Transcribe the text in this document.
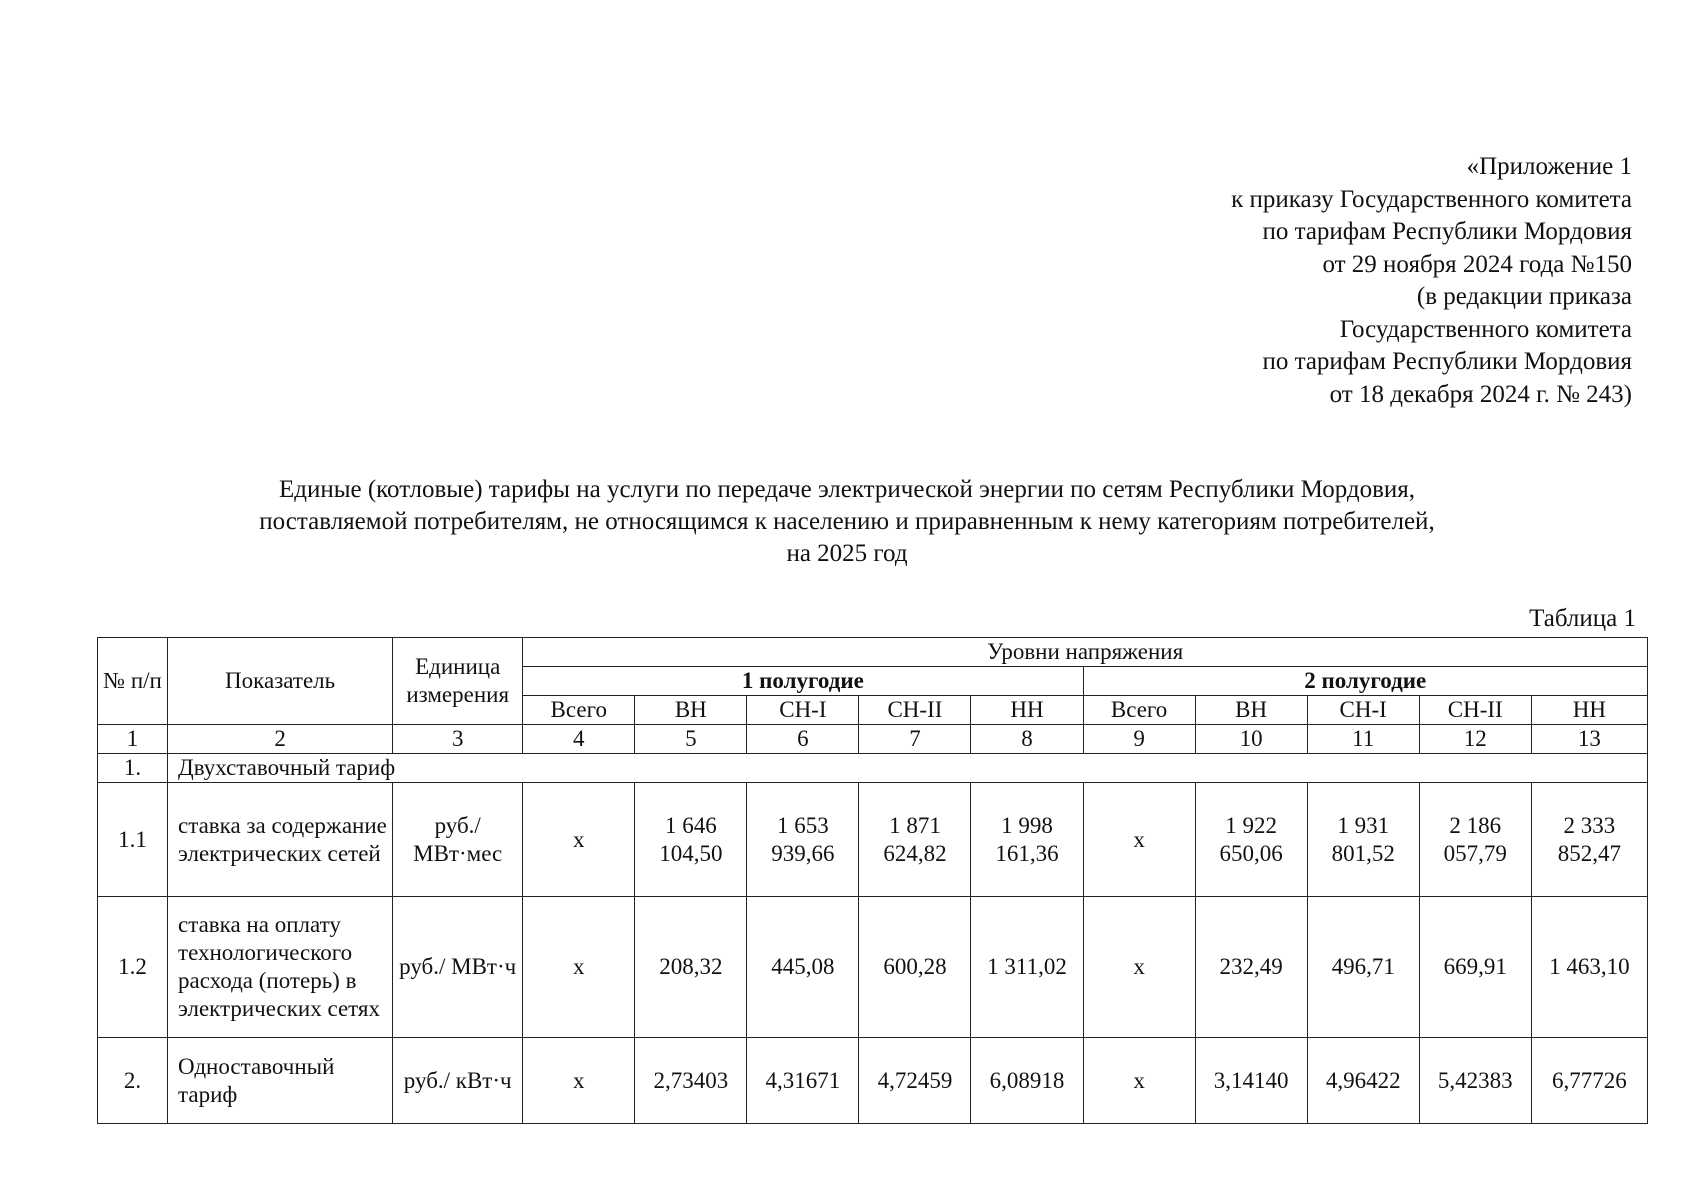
«Приложение 1
к приказу Государственного комитета
по тарифам Республики Мордовия
от 29 ноября 2024 года №150
(в редакции приказа
Государственного комитета
по тарифам Республики Мордовия
от 18 декабря 2024 г. № 243)
Единые (котловые) тарифы на услуги по передаче электрической энергии по сетям Республики Мордовия,
поставляемой потребителям, не относящимся к населению и приравненным к нему категориям потребителей,
на 2025 год
Таблица 1
№ п/п	Показатель	Единица измерения	Уровни напряжения									
			1 полугодие					2 полугодие				
			Всего	ВН	СН-I	СН-II	НН	Всего	ВН	СН-I	СН-II	НН
1	2	3	4	5	6	7	8	9	10	11	12	13
1.	Двухставочный тариф											
1.1	ставка за содержание электрических сетей	руб./ МВт·мес	х	1 646 104,50	1 653 939,66	1 871 624,82	1 998 161,36	х	1 922 650,06	1 931 801,52	2 186 057,79	2 333 852,47
1.2	ставка на оплату технологического расхода (потерь) в электрических сетях	руб./ МВт·ч	х	208,32	445,08	600,28	1 311,02	х	232,49	496,71	669,91	1 463,10
2.	Одноставочный тариф	руб./ кВт·ч	х	2,73403	4,31671	4,72459	6,08918	х	3,14140	4,96422	5,42383	6,77726
